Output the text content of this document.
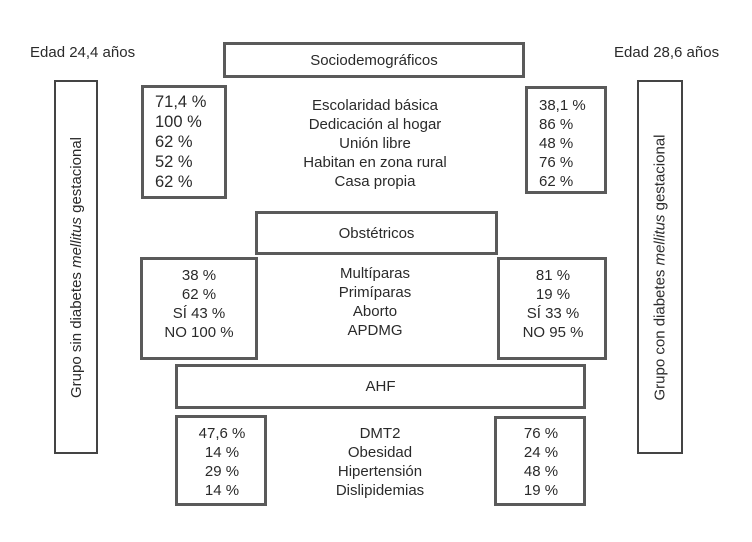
Edad 24,4 años	Edad 28,6 años
Grupo sin diabetes mellitus gestacional
Grupo con diabetes mellitus gestacional
Sociodemográficos
71,4 %
100 %
62 %
52 %
62 %
Escolaridad básica
Dedicación al hogar
Unión libre
Habitan en zona rural
Casa propia
38,1 %
86 %
48 %
76 %
62 %
Obstétricos
38 %
62 %
SÍ 43 %
NO 100 %
Multíparas
Primíparas
Aborto
APDMG
81 %
19 %
SÍ 33 %
NO 95 %
AHF
47,6 %
14 %
29 %
14 %
DMT2
Obesidad
Hipertensión
Dislipidemias
76 %
24 %
48 %
19 %
